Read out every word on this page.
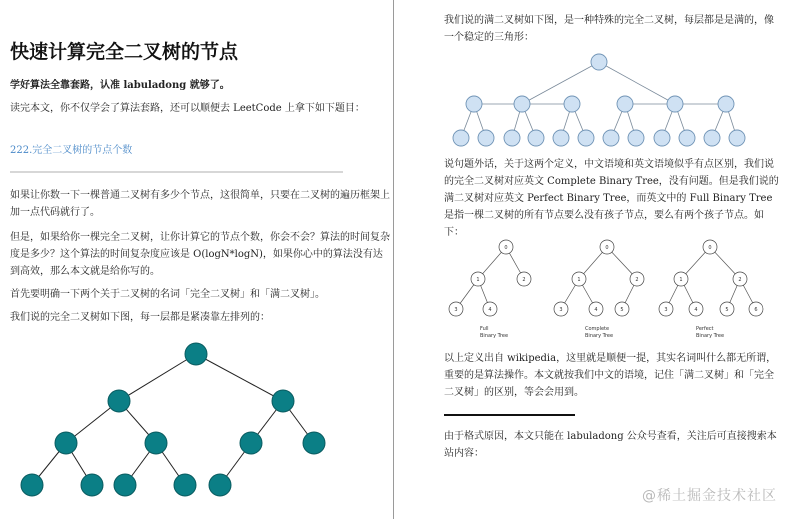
快速计算完全二叉树的节点

学好算法全靠套路，认准 labuladong 就够了。

读完本文，你不仅学会了算法套路，还可以顺便去 LeetCode 上拿下如下题目：

222.完全二叉树的节点个数

如果让你数一下一棵普通二叉树有多少个节点，这很简单，只要在二叉树的遍历框架上加一点代码就行了。

但是，如果给你一棵完全二叉树，让你计算它的节点个数，你会不会？算法的时间复杂度是多少？这个算法的时间复杂度应该是 O(logN*logN)，如果你心中的算法没有达到高效，那么本文就是给你写的。

首先要明确一下两个关于二叉树的名词「完全二叉树」和「满二叉树」。

我们说的完全二叉树如下图，每一层都是紧凑靠左排列的：

我们说的满二叉树如下图，是一种特殊的完全二叉树，每层都是是满的，像一个稳定的三角形：

说句题外话，关于这两个定义，中文语境和英文语境似乎有点区别，我们说的完全二叉树对应英文 Complete Binary Tree，没有问题。但是我们说的满二叉树对应英文 Perfect Binary Tree，而英文中的 Full Binary Tree 是指一棵二叉树的所有节点要么没有孩子节点，要么有两个孩子节点。如下：

0
1	2
3	4
0
1	2
3	4	5
0
1	2
3	4	5	6
Full
Binary Tree
Complete
Binary Tree
Perfect
Binary Tree

以上定义出自 wikipedia，这里就是顺便一提，其实名词叫什么都无所谓，重要的是算法操作。本文就按我们中文的语境，记住「满二叉树」和「完全二叉树」的区别，等会会用到。

由于格式原因，本文只能在 labuladong 公众号查看，关注后可直接搜索本站内容：

@稀土掘金技术社区
